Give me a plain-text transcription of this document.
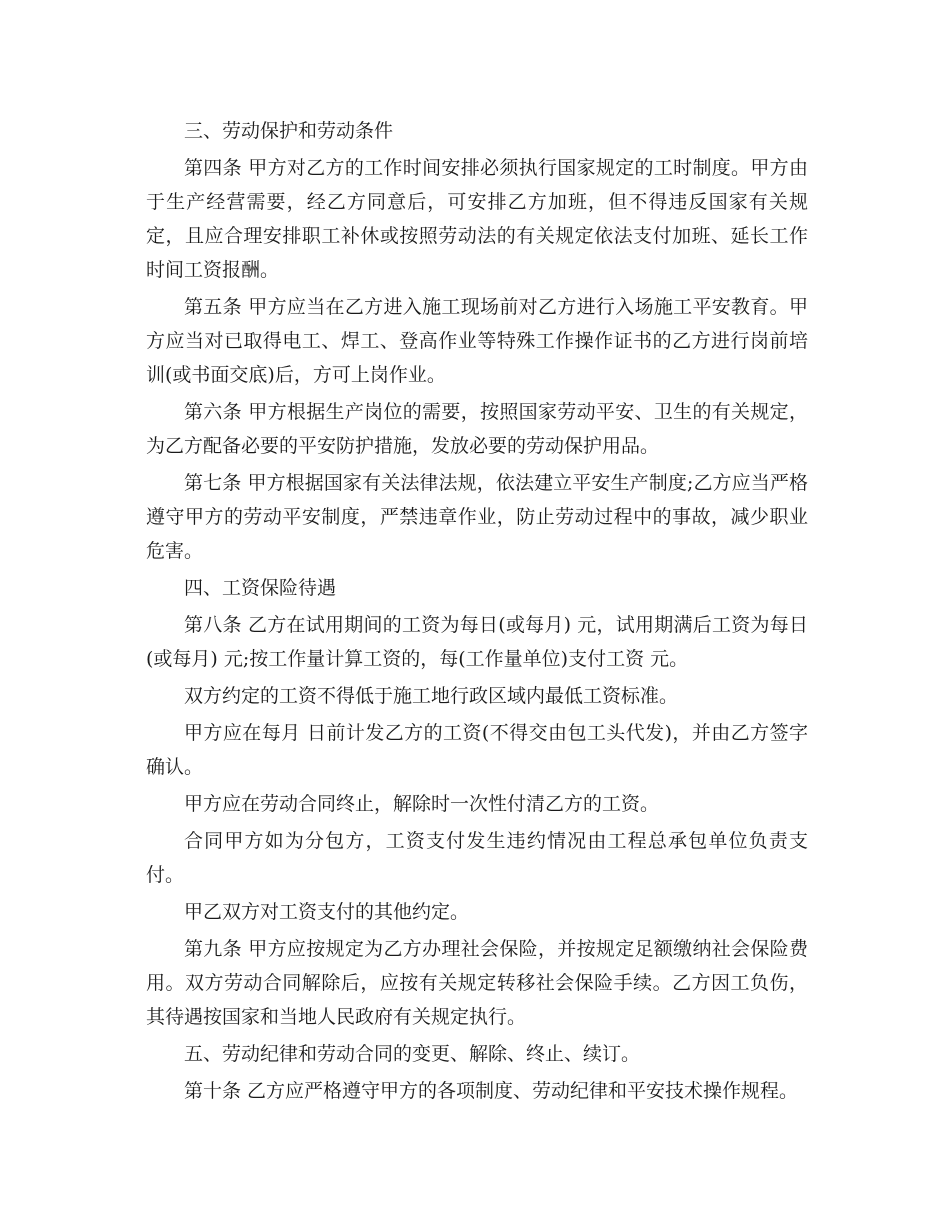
三、劳动保护和劳动条件

第四条 甲方对乙方的工作时间安排必须执行国家规定的工时制度。甲方由于生产经营需要，经乙方同意后，可安排乙方加班，但不得违反国家有关规定，且应合理安排职工补休或按照劳动法的有关规定依法支付加班、延长工作时间工资报酬。

第五条 甲方应当在乙方进入施工现场前对乙方进行入场施工平安教育。甲方应当对已取得电工、焊工、登高作业等特殊工作操作证书的乙方进行岗前培训(或书面交底)后，方可上岗作业。

第六条 甲方根据生产岗位的需要，按照国家劳动平安、卫生的有关规定，为乙方配备必要的平安防护措施，发放必要的劳动保护用品。

第七条 甲方根据国家有关法律法规，依法建立平安生产制度;乙方应当严格遵守甲方的劳动平安制度，严禁违章作业，防止劳动过程中的事故，减少职业危害。

四、工资保险待遇

第八条 乙方在试用期间的工资为每日(或每月) 元，试用期满后工资为每日(或每月) 元;按工作量计算工资的，每(工作量单位)支付工资 元。

双方约定的工资不得低于施工地行政区域内最低工资标准。

甲方应在每月 日前计发乙方的工资(不得交由包工头代发)，并由乙方签字确认。

甲方应在劳动合同终止，解除时一次性付清乙方的工资。

合同甲方如为分包方，工资支付发生违约情况由工程总承包单位负责支付。

甲乙双方对工资支付的其他约定。

第九条 甲方应按规定为乙方办理社会保险，并按规定足额缴纳社会保险费用。双方劳动合同解除后，应按有关规定转移社会保险手续。乙方因工负伤，其待遇按国家和当地人民政府有关规定执行。

五、劳动纪律和劳动合同的变更、解除、终止、续订。

第十条 乙方应严格遵守甲方的各项制度、劳动纪律和平安技术操作规程。
